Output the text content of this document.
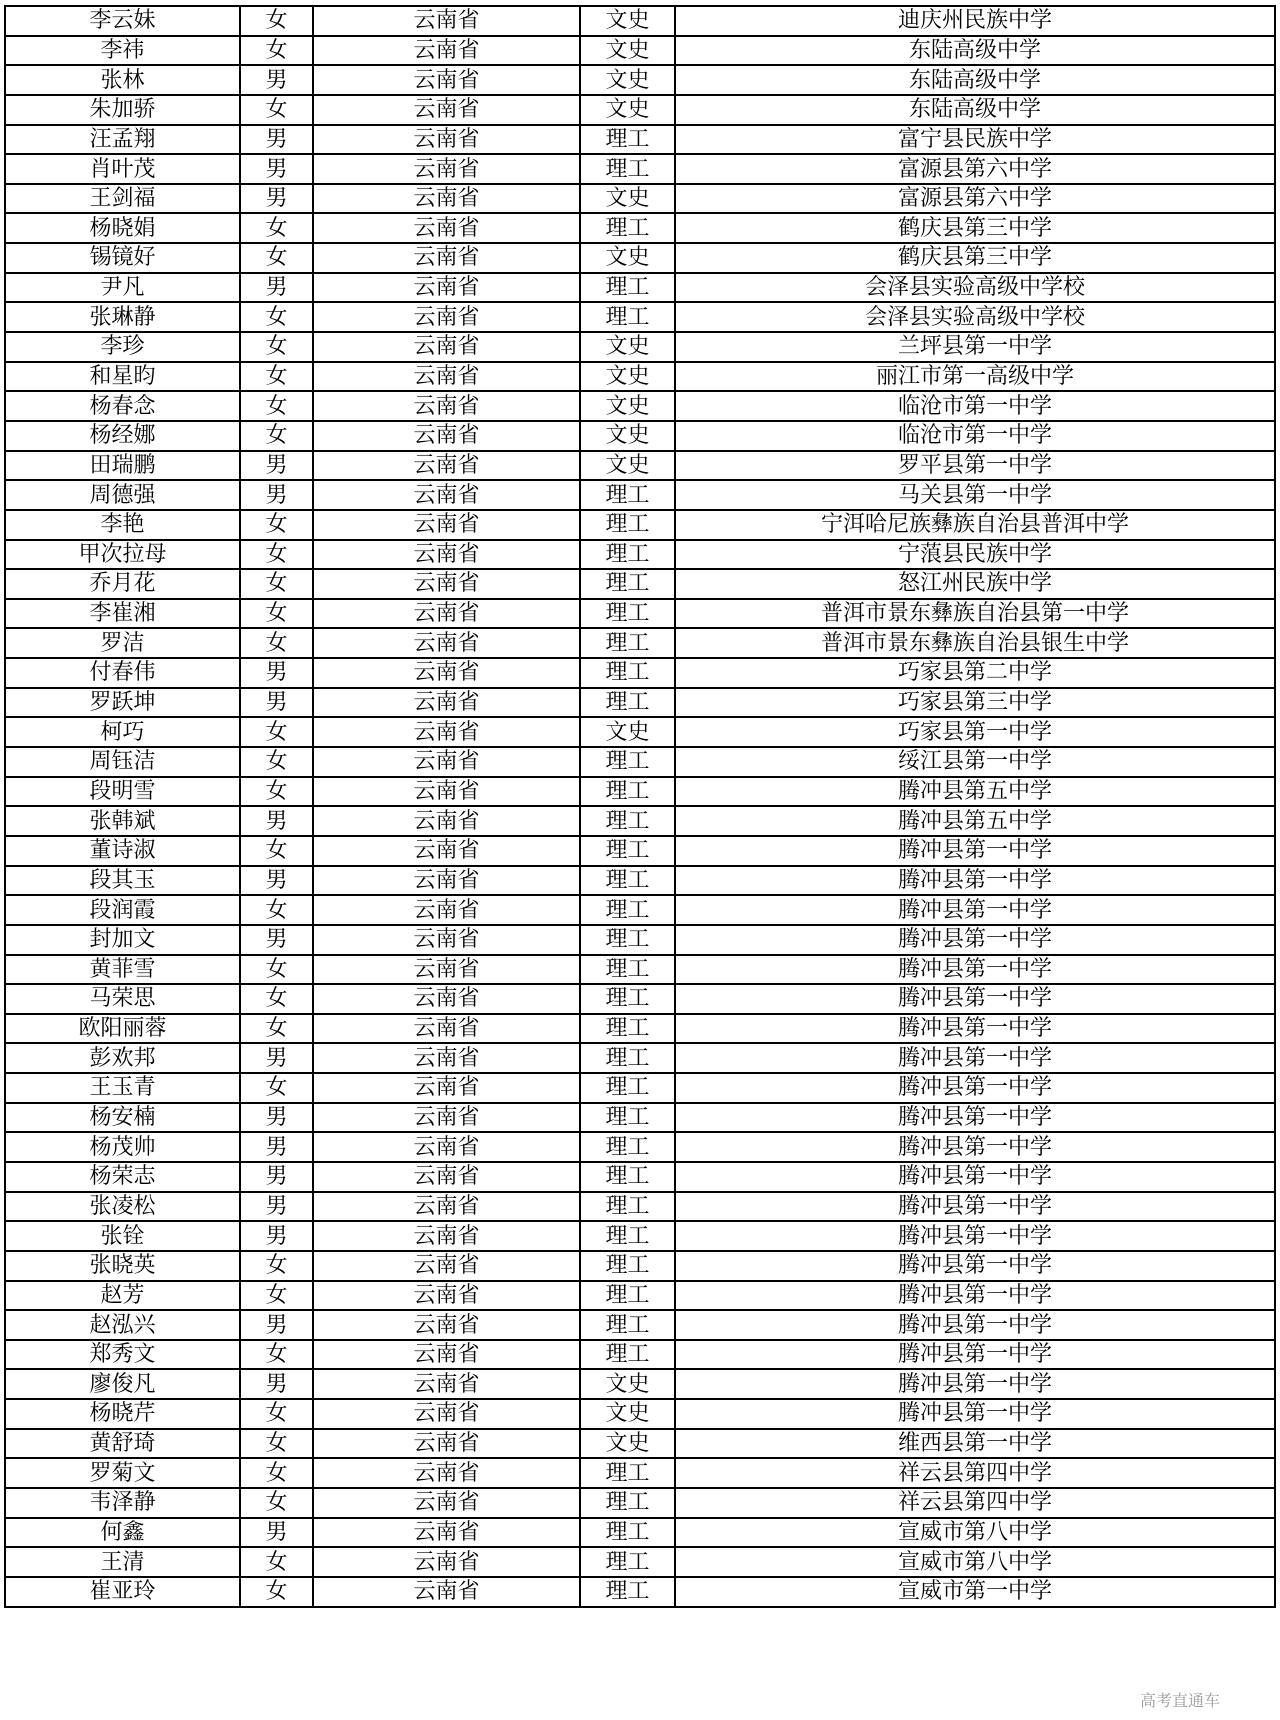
李云妹	女	云南省	文史	迪庆州民族中学
李祎	女	云南省	文史	东陆高级中学
张林	男	云南省	文史	东陆高级中学
朱加骄	女	云南省	文史	东陆高级中学
汪孟翔	男	云南省	理工	富宁县民族中学
肖叶茂	男	云南省	理工	富源县第六中学
王剑福	男	云南省	文史	富源县第六中学
杨晓娟	女	云南省	理工	鹤庆县第三中学
锡镜好	女	云南省	文史	鹤庆县第三中学
尹凡	男	云南省	理工	会泽县实验高级中学校
张琳静	女	云南省	理工	会泽县实验高级中学校
李珍	女	云南省	文史	兰坪县第一中学
和星昀	女	云南省	文史	丽江市第一高级中学
杨春念	女	云南省	文史	临沧市第一中学
杨经娜	女	云南省	文史	临沧市第一中学
田瑞鹏	男	云南省	文史	罗平县第一中学
周德强	男	云南省	理工	马关县第一中学
李艳	女	云南省	理工	宁洱哈尼族彝族自治县普洱中学
甲次拉母	女	云南省	理工	宁蒗县民族中学
乔月花	女	云南省	理工	怒江州民族中学
李崔湘	女	云南省	理工	普洱市景东彝族自治县第一中学
罗洁	女	云南省	理工	普洱市景东彝族自治县银生中学
付春伟	男	云南省	理工	巧家县第二中学
罗跃坤	男	云南省	理工	巧家县第三中学
柯巧	女	云南省	文史	巧家县第一中学
周钰洁	女	云南省	理工	绥江县第一中学
段明雪	女	云南省	理工	腾冲县第五中学
张韩斌	男	云南省	理工	腾冲县第五中学
董诗淑	女	云南省	理工	腾冲县第一中学
段其玉	男	云南省	理工	腾冲县第一中学
段润霞	女	云南省	理工	腾冲县第一中学
封加文	男	云南省	理工	腾冲县第一中学
黄菲雪	女	云南省	理工	腾冲县第一中学
马荣思	女	云南省	理工	腾冲县第一中学
欧阳丽蓉	女	云南省	理工	腾冲县第一中学
彭欢邦	男	云南省	理工	腾冲县第一中学
王玉青	女	云南省	理工	腾冲县第一中学
杨安楠	男	云南省	理工	腾冲县第一中学
杨茂帅	男	云南省	理工	腾冲县第一中学
杨荣志	男	云南省	理工	腾冲县第一中学
张凌松	男	云南省	理工	腾冲县第一中学
张铨	男	云南省	理工	腾冲县第一中学
张晓英	女	云南省	理工	腾冲县第一中学
赵芳	女	云南省	理工	腾冲县第一中学
赵泓兴	男	云南省	理工	腾冲县第一中学
郑秀文	女	云南省	理工	腾冲县第一中学
廖俊凡	男	云南省	文史	腾冲县第一中学
杨晓芹	女	云南省	文史	腾冲县第一中学
黄舒琦	女	云南省	文史	维西县第一中学
罗菊文	女	云南省	理工	祥云县第四中学
韦泽静	女	云南省	理工	祥云县第四中学
何鑫	男	云南省	理工	宣威市第八中学
王清	女	云南省	理工	宣威市第八中学
崔亚玲	女	云南省	理工	宣威市第一中学
高考直通车
